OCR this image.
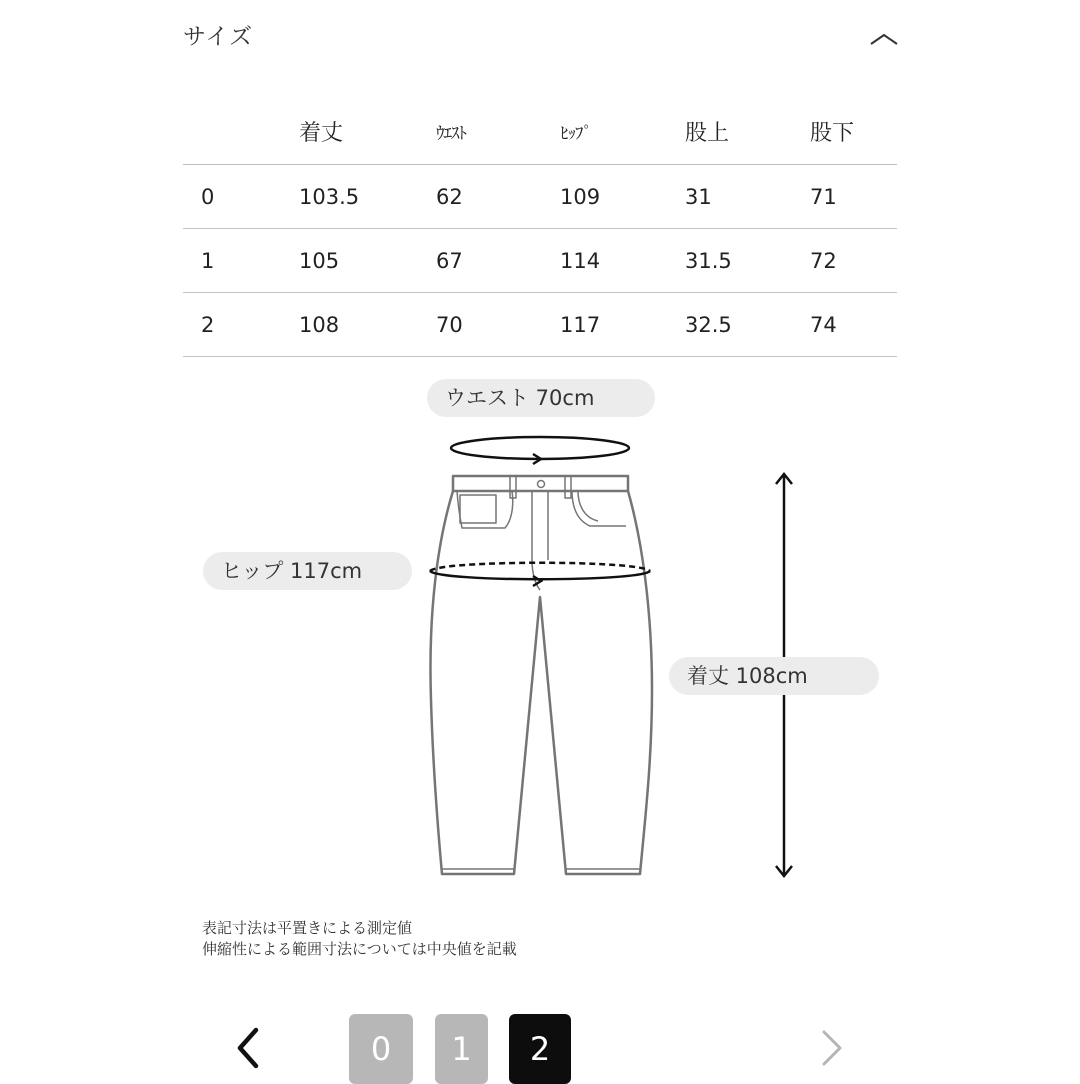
サイズ
	着丈	ｳｴｽﾄ	ﾋｯﾌﾟ	股上	股下
0	103.5	62	109	31	71
1	105	67	114	31.5	72
2	108	70	117	32.5	74
ウエスト 70cm
ヒップ 117cm
着丈 108cm
表記寸法は平置きによる測定値
伸縮性による範囲寸法については中央値を記載
0	1	2
